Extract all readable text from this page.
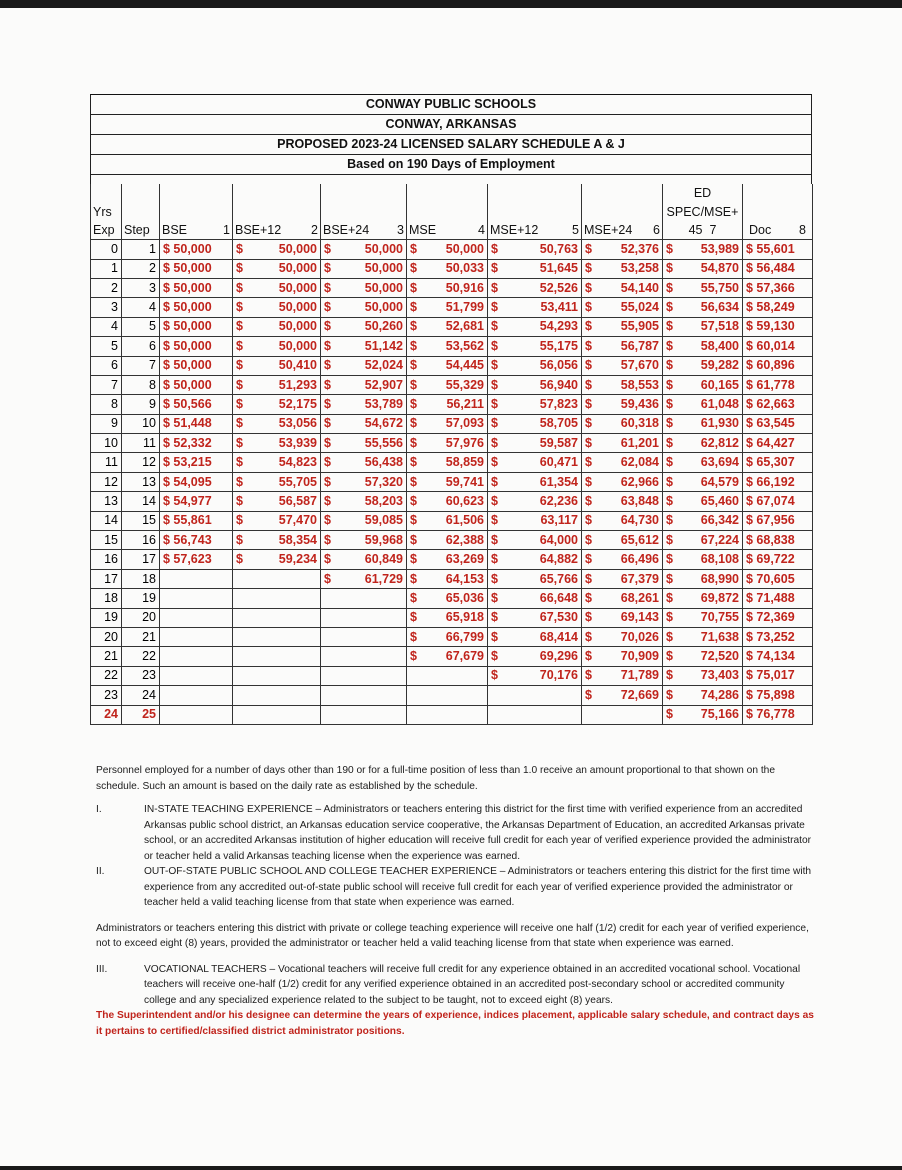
CONWAY PUBLIC SCHOOLS
CONWAY, ARKANSAS
PROPOSED 2023-24 LICENSED SALARY SCHEDULE A & J
Based on 190 Days of Employment
								ED	
Yrs								SPEC/MSE+	
Exp	Step	BSE 1	BSE+12 2	BSE+24 3	MSE 4	MSE+12 5	MSE+24 6	45 7	Doc 8

0	1	$ 50,000	$ 50,000	$ 50,000	$ 50,000	$ 50,763	$ 52,376	$ 53,989	$ 55,601

1	2	$ 50,000	$ 50,000	$ 50,000	$ 50,033	$ 51,645	$ 53,258	$ 54,870	$ 56,484

2	3	$ 50,000	$ 50,000	$ 50,000	$ 50,916	$ 52,526	$ 54,140	$ 55,750	$ 57,366

3	4	$ 50,000	$ 50,000	$ 50,000	$ 51,799	$ 53,411	$ 55,024	$ 56,634	$ 58,249

4	5	$ 50,000	$ 50,000	$ 50,260	$ 52,681	$ 54,293	$ 55,905	$ 57,518	$ 59,130

5	6	$ 50,000	$ 50,000	$ 51,142	$ 53,562	$ 55,175	$ 56,787	$ 58,400	$ 60,014

6	7	$ 50,000	$ 50,410	$ 52,024	$ 54,445	$ 56,056	$ 57,670	$ 59,282	$ 60,896

7	8	$ 50,000	$ 51,293	$ 52,907	$ 55,329	$ 56,940	$ 58,553	$ 60,165	$ 61,778

8	9	$ 50,566	$ 52,175	$ 53,789	$ 56,211	$ 57,823	$ 59,436	$ 61,048	$ 62,663

9	10	$ 51,448	$ 53,056	$ 54,672	$ 57,093	$ 58,705	$ 60,318	$ 61,930	$ 63,545

10	11	$ 52,332	$ 53,939	$ 55,556	$ 57,976	$ 59,587	$ 61,201	$ 62,812	$ 64,427

11	12	$ 53,215	$ 54,823	$ 56,438	$ 58,859	$ 60,471	$ 62,084	$ 63,694	$ 65,307

12	13	$ 54,095	$ 55,705	$ 57,320	$ 59,741	$ 61,354	$ 62,966	$ 64,579	$ 66,192

13	14	$ 54,977	$ 56,587	$ 58,203	$ 60,623	$ 62,236	$ 63,848	$ 65,460	$ 67,074

14	15	$ 55,861	$ 57,470	$ 59,085	$ 61,506	$ 63,117	$ 64,730	$ 66,342	$ 67,956

15	16	$ 56,743	$ 58,354	$ 59,968	$ 62,388	$ 64,000	$ 65,612	$ 67,224	$ 68,838

16	17	$ 57,623	$ 59,234	$ 60,849	$ 63,269	$ 64,882	$ 66,496	$ 68,108	$ 69,722

17	18			$ 61,729	$ 64,153	$ 65,766	$ 67,379	$ 68,990	$ 70,605

18	19				$ 65,036	$ 66,648	$ 68,261	$ 69,872	$ 71,488

19	20				$ 65,918	$ 67,530	$ 69,143	$ 70,755	$ 72,369

20	21				$ 66,799	$ 68,414	$ 70,026	$ 71,638	$ 73,252

21	22				$ 67,679	$ 69,296	$ 70,909	$ 72,520	$ 74,134

22	23					$ 70,176	$ 71,789	$ 73,403	$ 75,017

23	24						$ 72,669	$ 74,286	$ 75,898

24	25							$ 75,166	$ 76,778

Personnel employed for a number of days other than 190 or for a full-time position of less than 1.0 receive an amount proportional to that shown on the schedule. Such an amount is based on the daily rate as established by the schedule.

I.	IN-STATE TEACHING EXPERIENCE – Administrators or teachers entering this district for the first time with verified experience from an accredited Arkansas public school district, an Arkansas education service cooperative, the Arkansas Department of Education, an accredited Arkansas private school, or an accredited Arkansas institution of higher education will receive full credit for each year of verified experience provided the administrator or teacher held a valid Arkansas teaching license when the experience was earned.
II.	OUT-OF-STATE PUBLIC SCHOOL AND COLLEGE TEACHER EXPERIENCE – Administrators or teachers entering this district for the first time with experience from any accredited out-of-state public school will receive full credit for each year of verified experience provided the administrator or teacher held a valid teaching license from that state when experience was earned.

Administrators or teachers entering this district with private or college teaching experience will receive one half (1/2) credit for each year of verified experience, not to exceed eight (8) years, provided the administrator or teacher held a valid teaching license from that state when experience was earned.

III.	VOCATIONAL TEACHERS – Vocational teachers will receive full credit for any experience obtained in an accredited vocational school. Vocational teachers will receive one-half (1/2) credit for any verified experience obtained in an accredited post-secondary school or accredited community college and any specialized experience related to the subject to be taught, not to exceed eight (8) years.

The Superintendent and/or his designee can determine the years of experience, indices placement, applicable salary schedule, and contract days as it pertains to certified/classified district administrator positions.
